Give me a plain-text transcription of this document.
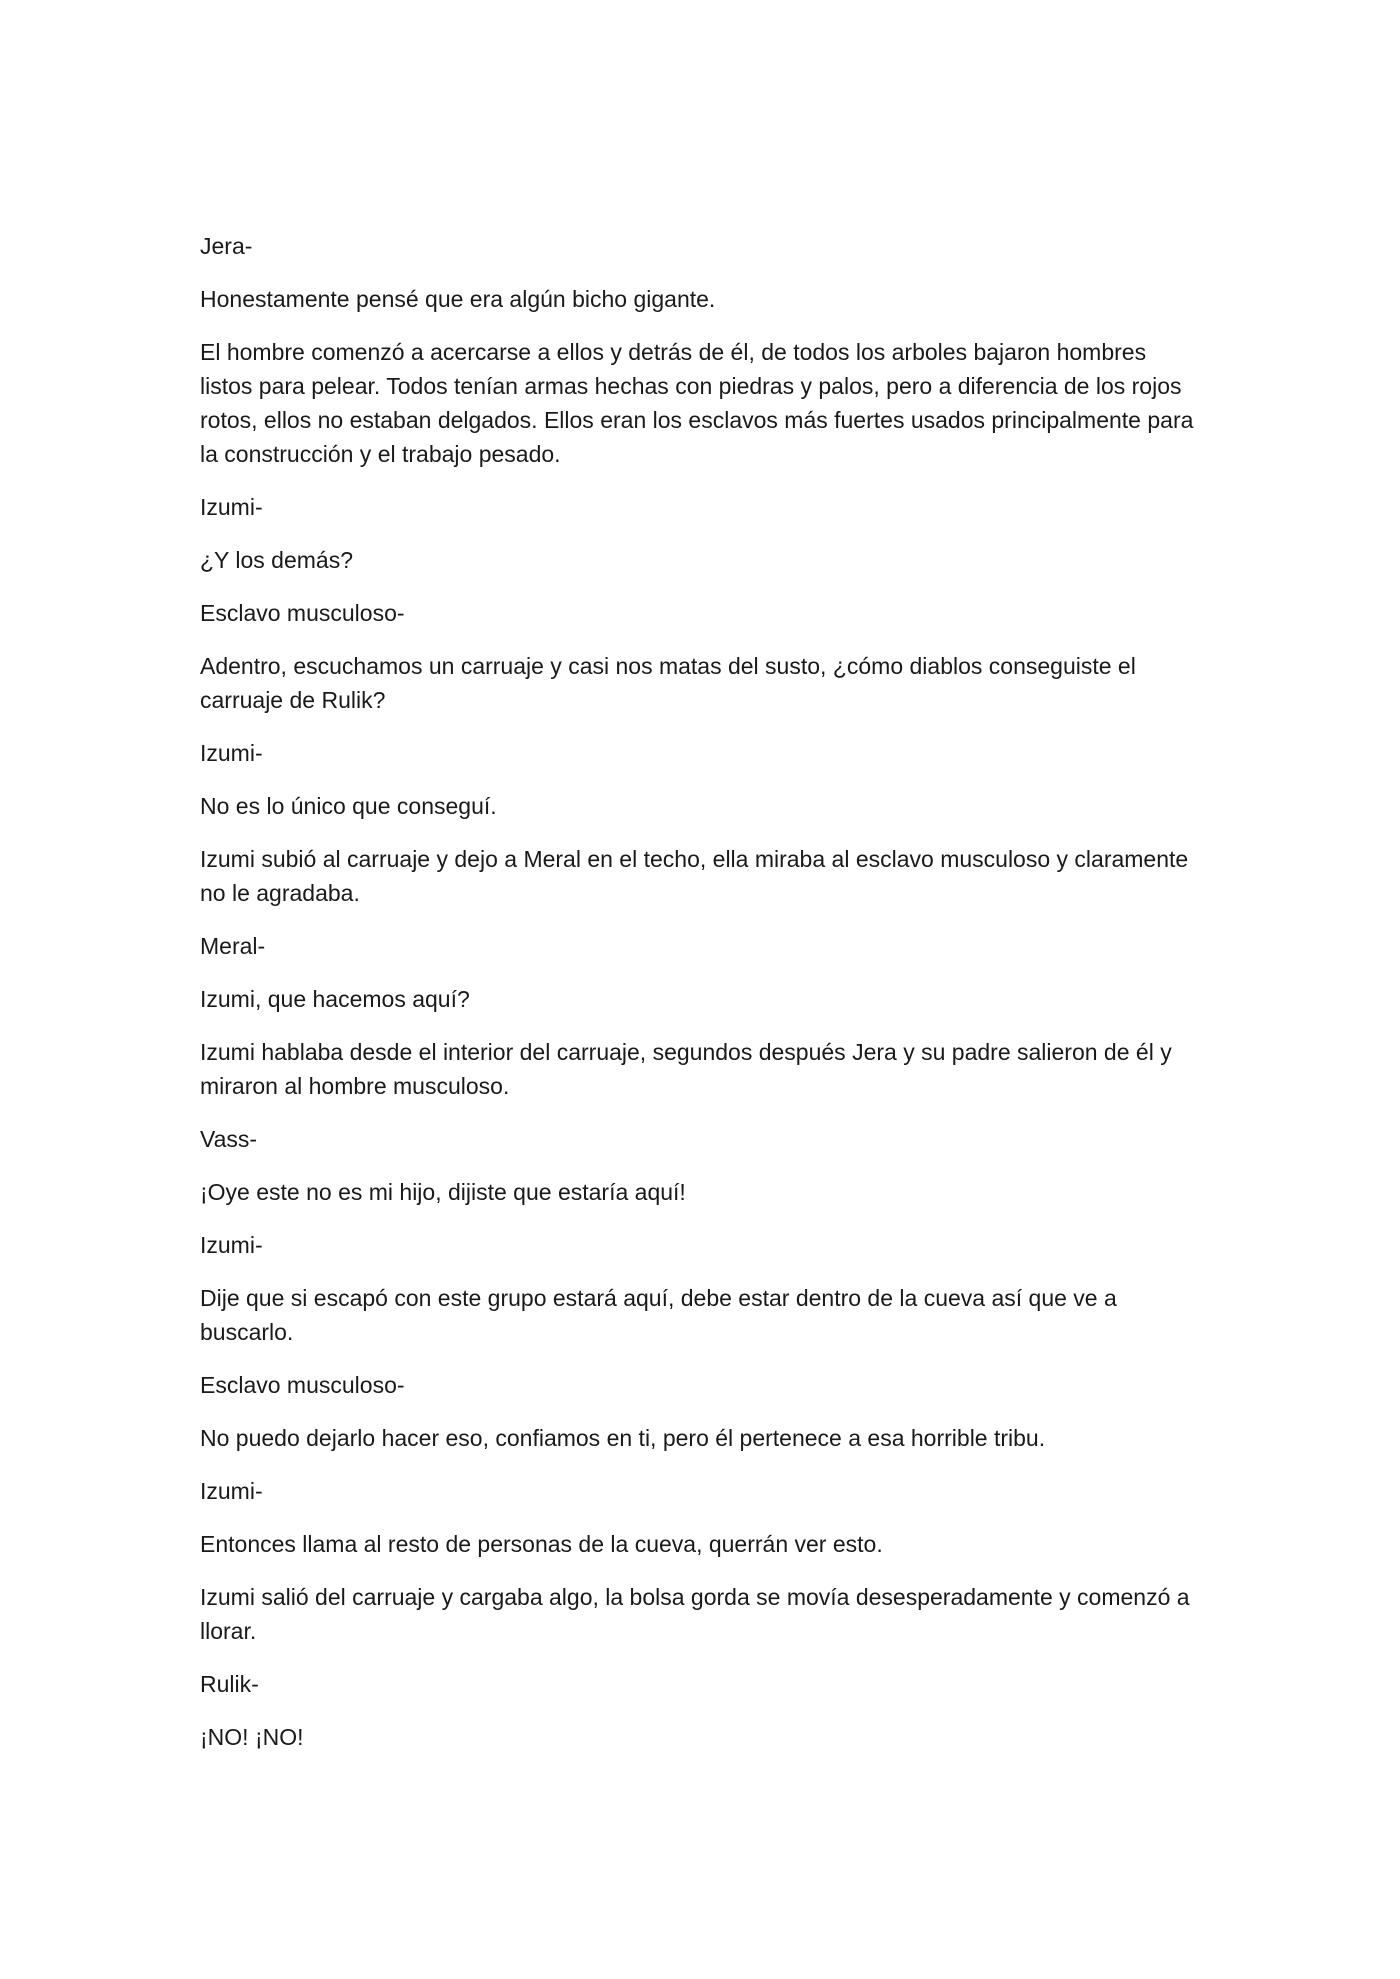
Jera-

Honestamente pensé que era algún bicho gigante.

El hombre comenzó a acercarse a ellos y detrás de él, de todos los arboles bajaron hombres listos para pelear. Todos tenían armas hechas con piedras y palos, pero a diferencia de los rojos rotos, ellos no estaban delgados. Ellos eran los esclavos más fuertes usados principalmente para la construcción y el trabajo pesado.

Izumi-

¿Y los demás?

Esclavo musculoso-

Adentro, escuchamos un carruaje y casi nos matas del susto, ¿cómo diablos conseguiste el carruaje de Rulik?

Izumi-

No es lo único que conseguí.

Izumi subió al carruaje y dejo a Meral en el techo, ella miraba al esclavo musculoso y claramente no le agradaba.

Meral-

Izumi, que hacemos aquí?

Izumi hablaba desde el interior del carruaje, segundos después Jera y su padre salieron de él y miraron al hombre musculoso.

Vass-

¡Oye este no es mi hijo, dijiste que estaría aquí!

Izumi-

Dije que si escapó con este grupo estará aquí, debe estar dentro de la cueva así que ve a buscarlo.

Esclavo musculoso-

No puedo dejarlo hacer eso, confiamos en ti, pero él pertenece a esa horrible tribu.

Izumi-

Entonces llama al resto de personas de la cueva, querrán ver esto.

Izumi salió del carruaje y cargaba algo, la bolsa gorda se movía desesperadamente y comenzó a llorar.

Rulik-

¡NO! ¡NO!
